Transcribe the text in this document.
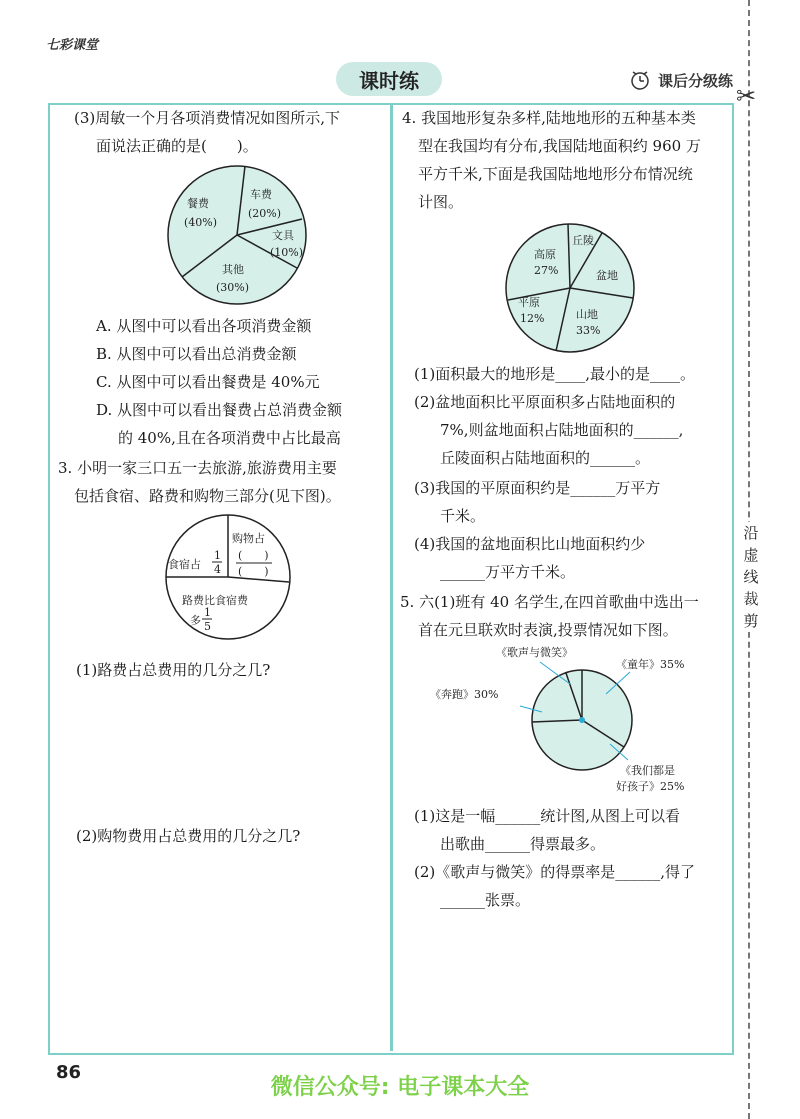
七彩课堂
课时练	课后分级练
✂
沿
虚
线
裁
剪
(3)周敏一个月各项消费情况如图所示,下
面说法正确的是(　　)。
餐费
(40%)
车费
(20%)
文具
(10%)
其他
(30%)
A. 从图中可以看出各项消费金额
B. 从图中可以看出总消费金额
C. 从图中可以看出餐费是 40%元
D. 从图中可以看出餐费占总消费金额
的 40%,且在各项消费中占比最高
3. 小明一家三口五一去旅游,旅游费用主要
包括食宿、路费和购物三部分(见下图)。
食宿占
1
4
购物占
(　　)
(　　)
路费比食宿费
多
1
5
(1)路费占总费用的几分之几?
(2)购物费用占总费用的几分之几?
4. 我国地形复杂多样,陆地地形的五种基本类
型在我国均有分布,我国陆地面积约 960 万
平方千米,下面是我国陆地地形分布情况统
计图。
高原
27%
丘陵
盆地
平原
12%	山地
33%
(1)面积最大的地形是____,最小的是____。
(2)盆地面积比平原面积多占陆地面积的
7%,则盆地面积占陆地面积的______,
丘陵面积占陆地面积的______。
(3)我国的平原面积约是______万平方
千米。
(4)我国的盆地面积比山地面积约少
______万平方千米。
5. 六(1)班有 40 名学生,在四首歌曲中选出一
首在元旦联欢时表演,投票情况如下图。
《歌声与微笑》
《童年》35%
《奔跑》30%
《我们都是
好孩子》25%
(1)这是一幅______统计图,从图上可以看
出歌曲______得票最多。
(2)《歌声与微笑》的得票率是______,得了
______张票。
86
微信公众号: 电子课本大全
